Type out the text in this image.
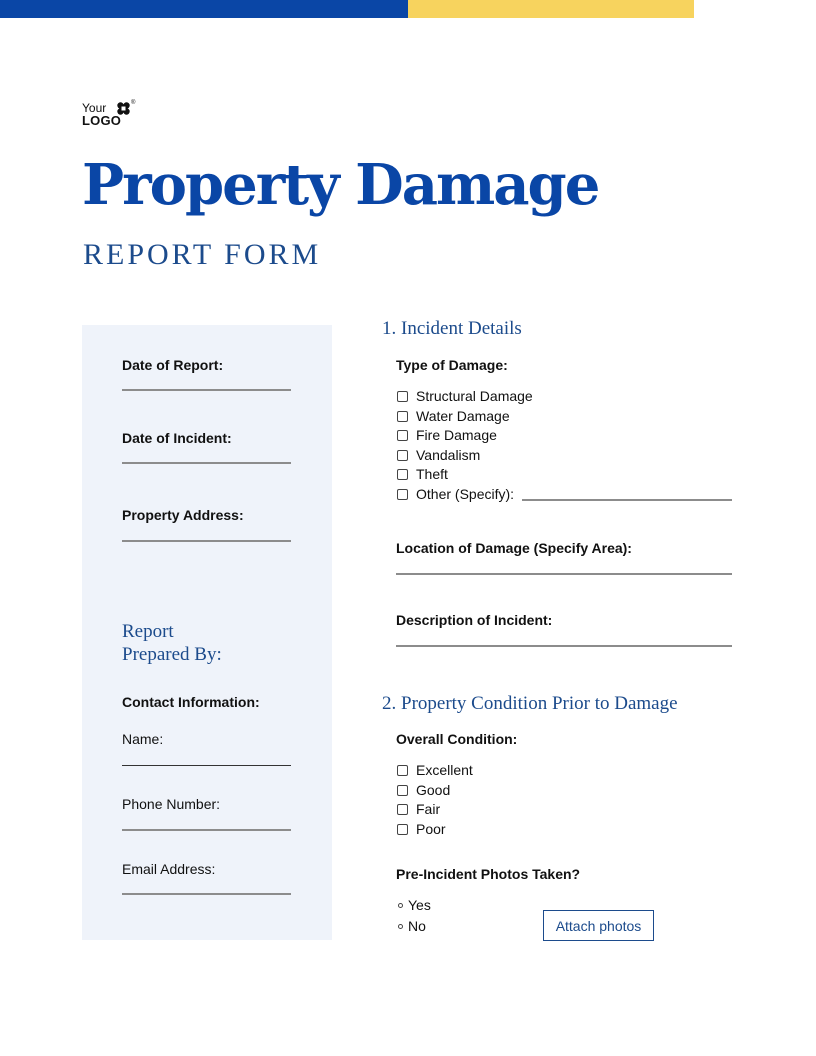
Your	®
LOGO
Property Damage
REPORT FORM
Date of Report:
Date of Incident:
Property Address:
Report
Prepared By:
Contact Information:
Name:
Phone Number:
Email Address:
1. Incident Details
Type of Damage:
Structural Damage
Water Damage
Fire Damage
Vandalism
Theft
Other (Specify):
Location of Damage (Specify Area):
Description of Incident:
2. Property Condition Prior to Damage
Overall Condition:
Excellent
Good
Fair
Poor
Pre-Incident Photos Taken?
Yes
No	Attach photos
